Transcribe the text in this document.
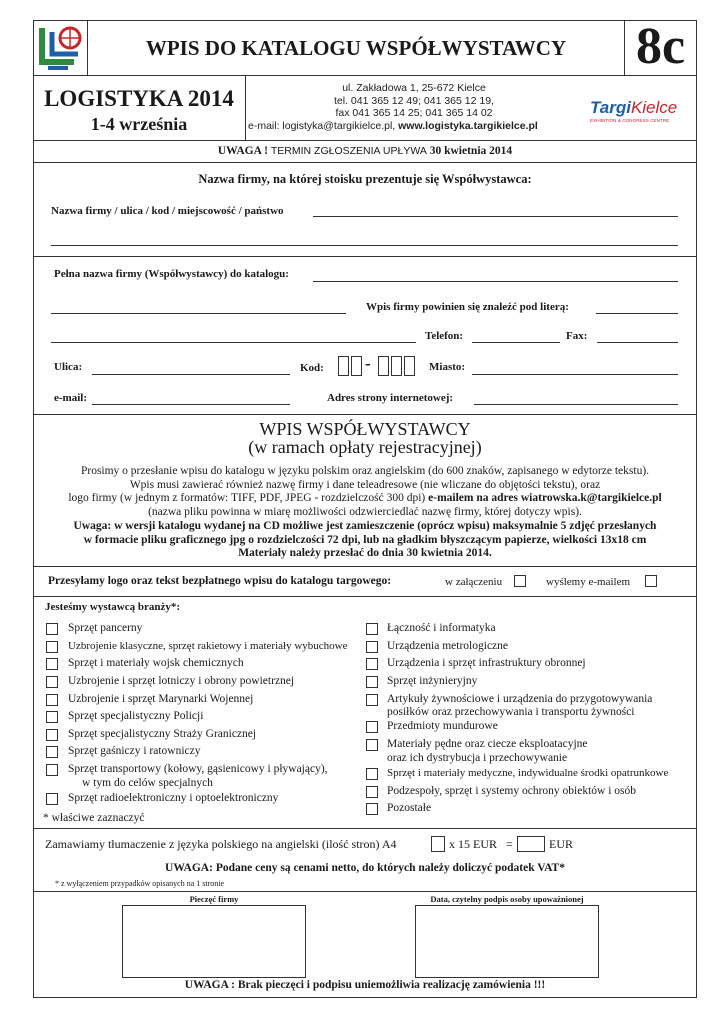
WPIS DO KATALOGU WSPÓŁWYSTAWCY	8c
LOGISTYKA 2014
1-4 września
ul. Zakładowa 1, 25-672 Kielce
tel. 041 365 12 49; 041 365 12 19,
fax 041 365 14 25; 041 365 14 02
e-mail: logistyka@targikielce.pl, www.logistyka.targikielce.pl
TargiKielce
EXHIBITION & CONGRESS CENTRE
UWAGA ! TERMIN ZGŁOSZENIA UPŁYWA 30 kwietnia 2014
Nazwa firmy, na której stoisku prezentuje się Współwystawca:
Nazwa firmy / ulica / kod / miejscowość / państwo
Pełna nazwa firmy (Współwystawcy) do katalogu:
Wpis firmy powinien się znaleźć pod literą:
Telefon:	Fax:
Ulica:	Kod: -	Miasto:
e-mail:	Adres strony internetowej:
WPIS WSPÓŁWYSTAWCY
(w ramach opłaty rejestracyjnej)
Prosimy o przesłanie wpisu do katalogu w języku polskim oraz angielskim (do 600 znaków, zapisanego w edytorze tekstu).
Wpis musi zawierać również nazwę firmy i dane teleadresowe (nie wliczane do objętości tekstu), oraz
logo firmy (w jednym z formatów: TIFF, PDF, JPEG - rozdzielczość 300 dpi) e-mailem na adres wiatrowska.k@targikielce.pl
(nazwa pliku powinna w miarę możliwości odzwierciedlać nazwę firmy, której dotyczy wpis).
Uwaga: w wersji katalogu wydanej na CD możliwe jest zamieszczenie (oprócz wpisu) maksymalnie 5 zdjęć przesłanych
w formacie pliku graficznego jpg o rozdzielczości 72 dpi, lub na gładkim błyszczącym papierze, wielkości 13x18 cm
Materiały należy przesłać do dnia 30 kwietnia 2014.
Przesyłamy logo oraz tekst bezpłatnego wpisu do katalogu targowego:	w załączeniu	wyślemy e-mailem
Jesteśmy wystawcą branży*:
Sprzęt pancerny
Uzbrojenie klasyczne, sprzęt rakietowy i materiały wybuchowe
Sprzęt i materiały wojsk chemicznych
Uzbrojenie i sprzęt lotniczy i obrony powietrznej
Uzbrojenie i sprzęt Marynarki Wojennej
Sprzęt specjalistyczny Policji
Sprzęt specjalistyczny Straży Granicznej
Sprzęt gaśniczy i ratowniczy
Sprzęt transportowy (kołowy, gąsienicowy i pływający),
w tym do celów specjalnych
Sprzęt radioelektroniczny i optoelektroniczny
Łączność i informatyka
Urządzenia metrologiczne
Urządzenia i sprzęt infrastruktury obronnej
Sprzęt inżynieryjny
Artykuły żywnościowe i urządzenia do przygotowywania
posiłków oraz przechowywania i transportu żywności
Przedmioty mundurowe
Materiały pędne oraz ciecze eksploatacyjne
oraz ich dystrybucja i przechowywanie
Sprzęt i materiały medyczne, indywidualne środki opatrunkowe
Podzespoły, sprzęt i systemy ochrony obiektów i osób
Pozostałe
* właściwe zaznaczyć
Zamawiamy tłumaczenie z języka polskiego na angielski (ilość stron) A4	x 15 EUR =	EUR
UWAGA: Podane ceny są cenami netto, do których należy doliczyć podatek VAT*
* z wyłączeniem przypadków opisanych na 1 stronie
Pieczęć firmy	Data, czytelny podpis osoby upoważnionej
UWAGA : Brak pieczęci i podpisu uniemożliwia realizację zamówienia !!!
